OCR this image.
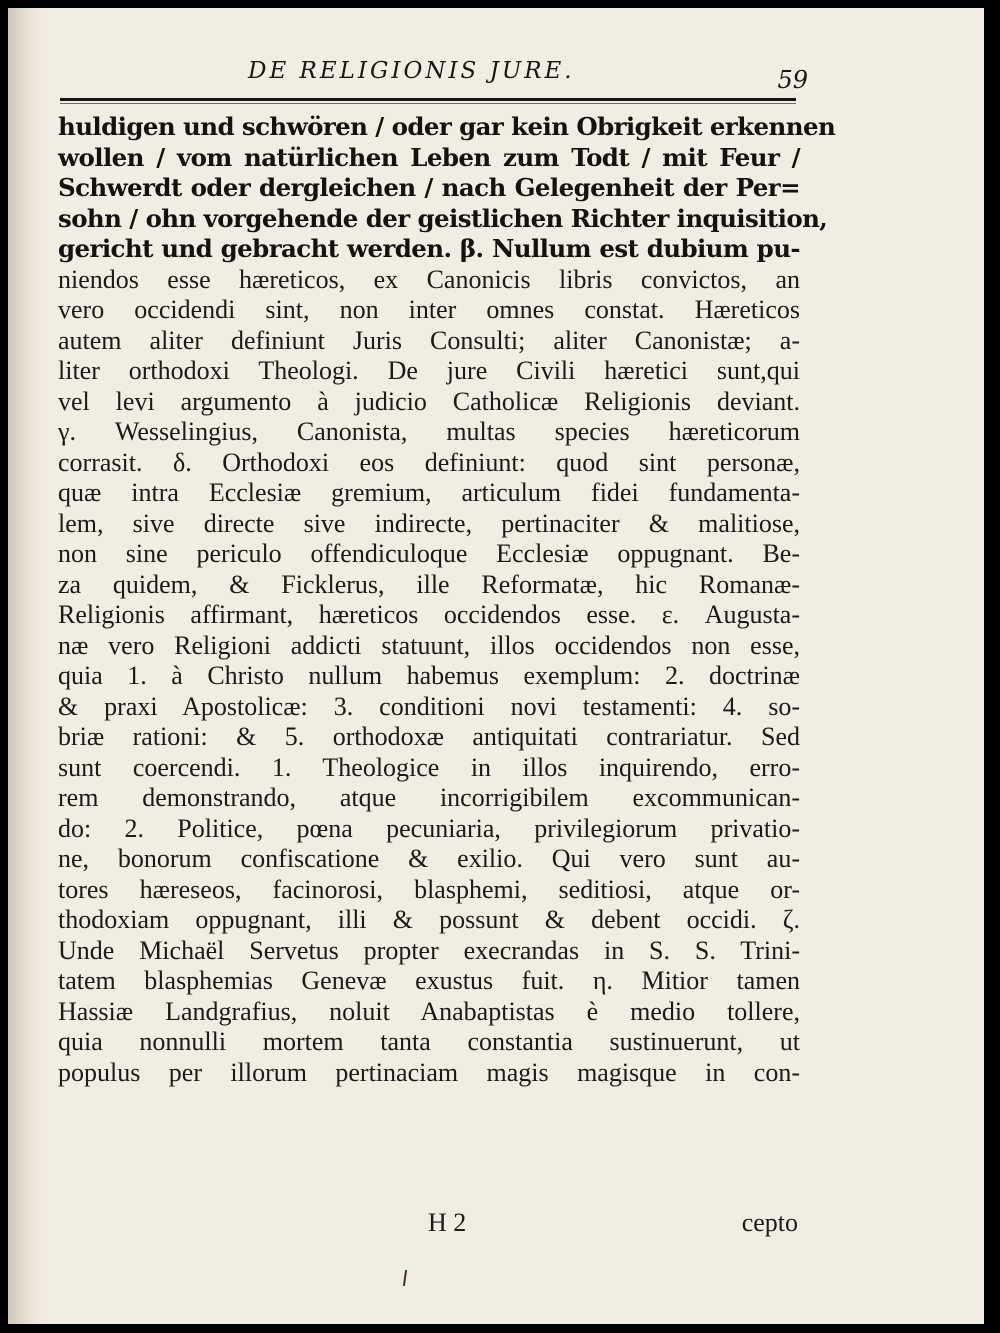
DE RELIGIONIS JURE.	59
huldigen und schwören / oder gar kein Obrigkeit erkennen
wollen / vom natürlichen Leben zum Todt / mit Feur /
Schwerdt oder dergleichen / nach Gelegenheit der Per=
sohn / ohn vorgehende der geistlichen Richter inquisition,
gericht und gebracht werden. β. Nullum est dubium pu-
niendos esse hæreticos, ex Canonicis libris convictos, an
vero occidendi sint, non inter omnes constat. Hæreticos
autem aliter definiunt Juris Consulti; aliter Canonistæ; a-
liter orthodoxi Theologi. De jure Civili hæretici sunt,qui
vel levi argumento à judicio Catholicæ Religionis deviant.
γ. Wesselingius, Canonista, multas species hæreticorum
corrasit. δ. Orthodoxi eos definiunt: quod sint personæ,
quæ intra Ecclesiæ gremium, articulum fidei fundamenta-
lem, sive directe sive indirecte, pertinaciter & malitiose,
non sine periculo offendiculoque Ecclesiæ oppugnant. Be-
za quidem, & Ficklerus, ille Reformatæ, hic Romanæ-
Religionis affirmant, hæreticos occidendos esse. ε. Augusta-
næ vero Religioni addicti statuunt, illos occidendos non esse,
quia 1. à Christo nullum habemus exemplum: 2. doctrinæ
& praxi Apostolicæ: 3. conditioni novi testamenti: 4. so-
briæ rationi: & 5. orthodoxæ antiquitati contrariatur. Sed
sunt coercendi. 1. Theologice in illos inquirendo, erro-
rem demonstrando, atque incorrigibilem excommunican-
do: 2. Politice, pœna pecuniaria, privilegiorum privatio-
ne, bonorum confiscatione & exilio. Qui vero sunt au-
tores hæreseos, facinorosi, blasphemi, seditiosi, atque or-
thodoxiam oppugnant, illi & possunt & debent occidi. ζ.
Unde Michaël Servetus propter execrandas in S. S. Trini-
tatem blasphemias Genevæ exustus fuit. η. Mitior tamen
Hassiæ Landgrafius, noluit Anabaptistas è medio tollere,
quia nonnulli mortem tanta constantia sustinuerunt, ut
populus per illorum pertinaciam magis magisque in con-
H 2	cepto
